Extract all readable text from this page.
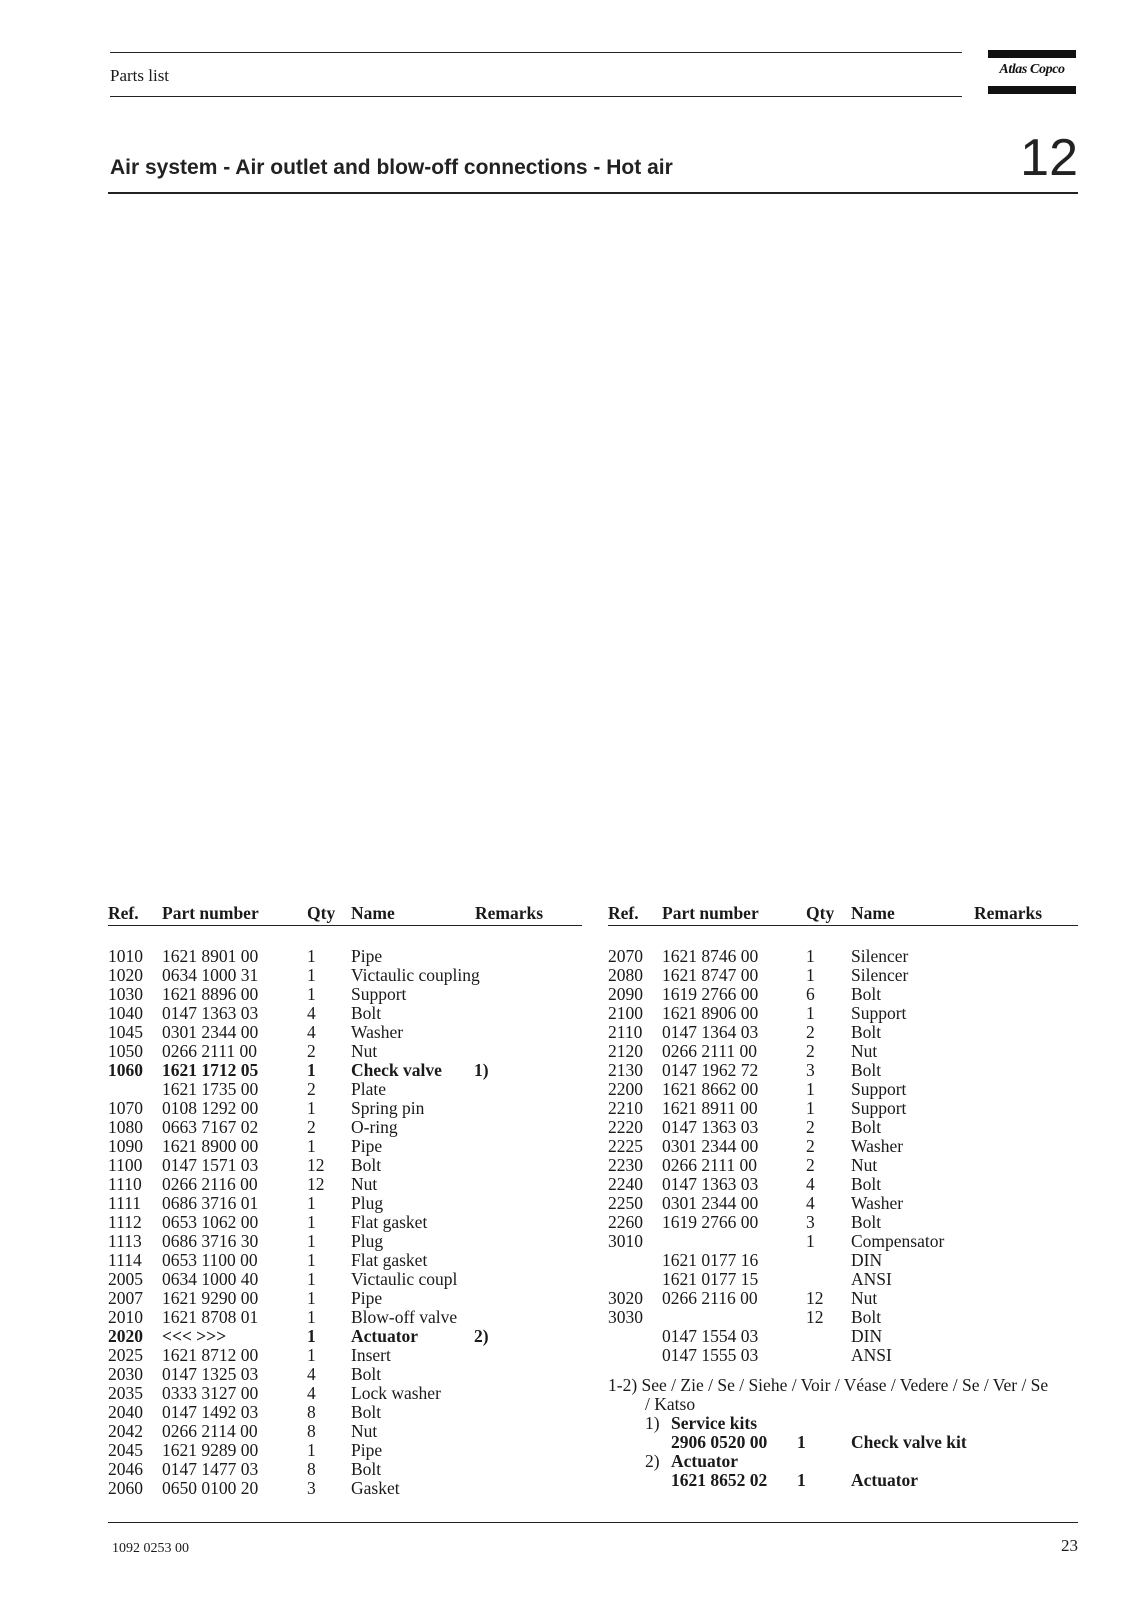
Parts list	Atlas Copco
Air system - Air outlet and blow-off connections - Hot air	12
Ref. Part number	Qty Name	Remarks
1010 1621 8901 00	1 Pipe
1020 0634 1000 31	1 Victaulic coupling
1030 1621 8896 00	1 Support
1040 0147 1363 03	4 Bolt
1045 0301 2344 00	4 Washer
1050 0266 2111 00	2 Nut
1060 1621 1712 05	1 Check valve 1)
1621 1735 00	2 Plate
1070 0108 1292 00	1 Spring pin
1080 0663 7167 02	2 O-ring
1090 1621 8900 00	1 Pipe
1100 0147 1571 03	12 Bolt
1110 0266 2116 00	12 Nut
1111 0686 3716 01	1 Plug
1112 0653 1062 00	1 Flat gasket
1113 0686 3716 30	1 Plug
1114 0653 1100 00	1 Flat gasket
2005 0634 1000 40	1 Victaulic coupl
2007 1621 9290 00	1 Pipe
2010 1621 8708 01	1 Blow-off valve
2020 <<< >>>	1 Actuator	2)
2025 1621 8712 00	1 Insert
2030 0147 1325 03	4 Bolt
2035 0333 3127 00	4 Lock washer
2040 0147 1492 03	8 Bolt
2042 0266 2114 00	8 Nut
2045 1621 9289 00	1 Pipe
2046 0147 1477 03	8 Bolt
2060 0650 0100 20	3 Gasket
Ref. Part number	Qty Name	Remarks
2070 1621 8746 00	1 Silencer
2080 1621 8747 00	1 Silencer
2090 1619 2766 00	6 Bolt
2100 1621 8906 00	1 Support
2110 0147 1364 03	2 Bolt
2120 0266 2111 00	2 Nut
2130 0147 1962 72	3 Bolt
2200 1621 8662 00	1 Support
2210 1621 8911 00	1 Support
2220 0147 1363 03	2 Bolt
2225 0301 2344 00	2 Washer
2230 0266 2111 00	2 Nut
2240 0147 1363 03	4 Bolt
2250 0301 2344 00	4 Washer
2260 1619 2766 00	3 Bolt
3010	1 Compensator
1621 0177 16	DIN
1621 0177 15	ANSI
3020 0266 2116 00	12 Nut
3030	12 Bolt
0147 1554 03	DIN
0147 1555 03	ANSI
1-2) See / Zie / Se / Siehe / Voir / Véase / Vedere / Se / Ver / Se
/ Katso
1) Service kits
2906 0520 00 1	Check valve kit
2) Actuator
1621 8652 02 1	Actuator
1092 0253 00	23
